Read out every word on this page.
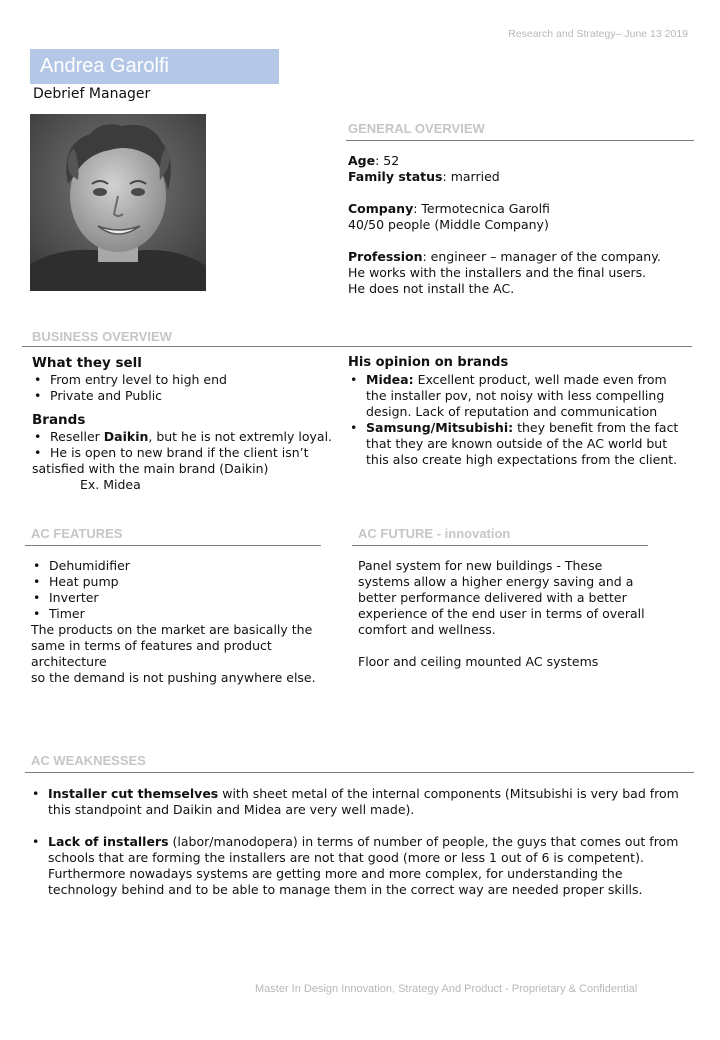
Research and Strategy– June 13 2019
Andrea Garolfi
Debrief Manager
GENERAL OVERVIEW

Age: 52

Family status: married

Company: Termotecnica Garolfi

40/50 people (Middle Company)

Profession: engineer – manager of the company.

He works with the installers and the final users.

He does not install the AC.

BUSINESS OVERVIEW
What they sell
• From entry level to high end
• Private and Public
Brands
• Reseller Daikin, but he is not extremly loyal.
• He is open to new brand if the client isn’t

satisfied with the main brand (Daikin)

Ex. Midea

His opinion on brands
• Midea: Excellent product, well made even from the installer pov, not noisy with less compelling design. Lack of reputation and communication
• Samsung/Mitsubishi: they benefit from the fact that they are known outside of the AC world but this also create high expectations from the client.
AC FEATURES
• Dehumidifier
• Heat pump
• Inverter
• Timer

The products on the market are basically the same in terms of features and product architecture

so the demand is not pushing anywhere else.

AC FUTURE - innovation

Panel system for new buildings - These systems allow a higher energy saving and a better performance delivered with a better experience of the end user in terms of overall comfort and wellness.

Floor and ceiling mounted AC systems

AC WEAKNESSES
• Installer cut themselves with sheet metal of the internal components (Mitsubishi is very bad from this standpoint and Daikin and Midea are very well made).
• Lack of installers (labor/manodopera) in terms of number of people, the guys that comes out from schools that are forming the installers are not that good (more or less 1 out of 6 is competent). Furthermore nowadays systems are getting more and more complex, for understanding the technology behind and to be able to manage them in the correct way are needed proper skills.
Master In Design Innovation, Strategy And Product - Proprietary & Confidential
